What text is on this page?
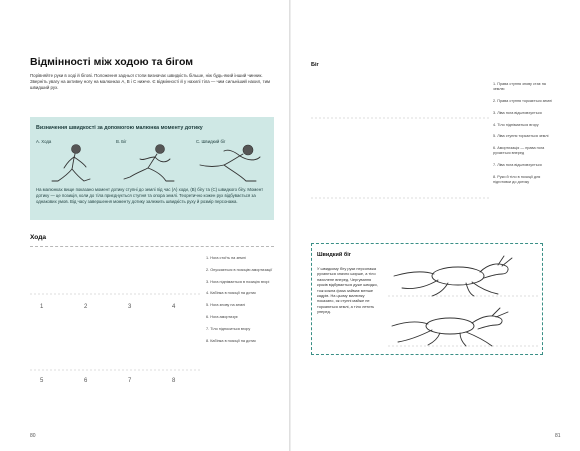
Відмінності між ходою та бігом
Порівняйте руки в ході й бігові. Положення задньої стопи визначає швидкість більше, ніж будь-який інший чинник. Зверніть увагу на активну ногу на малюнках А, В і С нижче. Є відмінності й у нахилі тіла — чим сильніший нахил, тим швидший рух.
Визначення швидкості за допомогою малюнка моменту дотику
А. Хода	В. Біг	С. Швидкий біг
На малюнках вище показано момент дотику ступні до землі під час (А) ходи, (В) бігу та (С) швидкого бігу. Момент дотику — це позиція, коли до тіла приєднується ступня та опора землі. Теоретично кожен рух відбувається за однакових умов. Від часу завершення моменту дотику залежить швидкість руху й розмір персонажа.
Хода
1	2	3	4
5	6	7	8
1. Нога стоїть на землі
2. Опускається в позицію амортизації
3. Нога піднімається в позицію вгорі
4. Кабінка в позиції на дотик
5. Нога знову на землі
6. Нога амортизує
7. Тіло підноситься вгору
8. Кабінка в позиції на дотик
80
Біг
1. Права ступня знову стає на землю
2. Права ступня торкається землі
3. Ліва нога відштовхується
4. Тіло піднімається вгору
5. Ліва ступня торкається землі
6. Амортизація — права нога рухається вперед
7. Ліва нога відштовхується
8. Руки й тіло в позиції для підготовки до дотику
Швидкий біг
У швидкому бігу руки персонажа рухаються значно ширше, а тіло нахилене вперед. Чергування кроків відбувається дуже швидко, тож кожна фаза займає менше кадрів. На цьому малюнку показано, як ступні майже не торкаються землі, а тіло летить уперед.
81
